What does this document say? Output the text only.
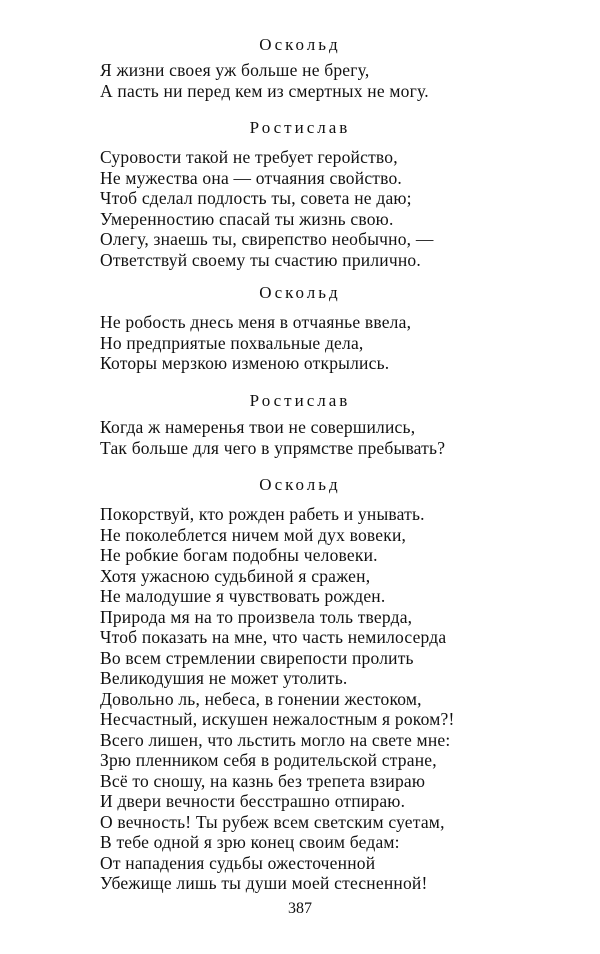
Оскольд
Я жизни своея уж больше не брегу,
А пасть ни перед кем из смертных не могу.
Ростислав
Суровости такой не требует геройство,
Не мужества она — отчаяния свойство.
Чтоб сделал подлость ты, совета не даю;
Умеренностию спасай ты жизнь свою.
Олегу, знаешь ты, свирепство необычно, —
Ответствуй своему ты счастию прилично.
Оскольд
Не робость днесь меня в отчаянье ввела,
Но предприятые похвальные дела,
Которы мерзкою изменою открылись.
Ростислав
Когда ж намеренья твои не совершились,
Так больше для чего в упрямстве пребывать?
Оскольд
Покорствуй, кто рожден рабеть и унывать.
Не поколеблется ничем мой дух вовеки,
Не робкие богам подобны человеки.
Хотя ужасною судьбиной я сражен,
Не малодушие я чувствовать рожден.
Природа мя на то произвела толь тверда,
Чтоб показать на мне, что часть немилосерда
Во всем стремлении свирепости пролить
Великодушия не может утолить.
Довольно ль, небеса, в гонении жестоком,
Несчастный, искушен нежалостным я роком?!
Всего лишен, что льстить могло на свете мне:
Зрю пленником себя в родительской стране,
Всё то сношу, на казнь без трепета взираю
И двери вечности бесстрашно отпираю.
О вечность! Ты рубеж всем светским суетам,
В тебе одной я зрю конец своим бедам:
От нападения судьбы ожесточенной
Убежище лишь ты души моей стесненной!
387
